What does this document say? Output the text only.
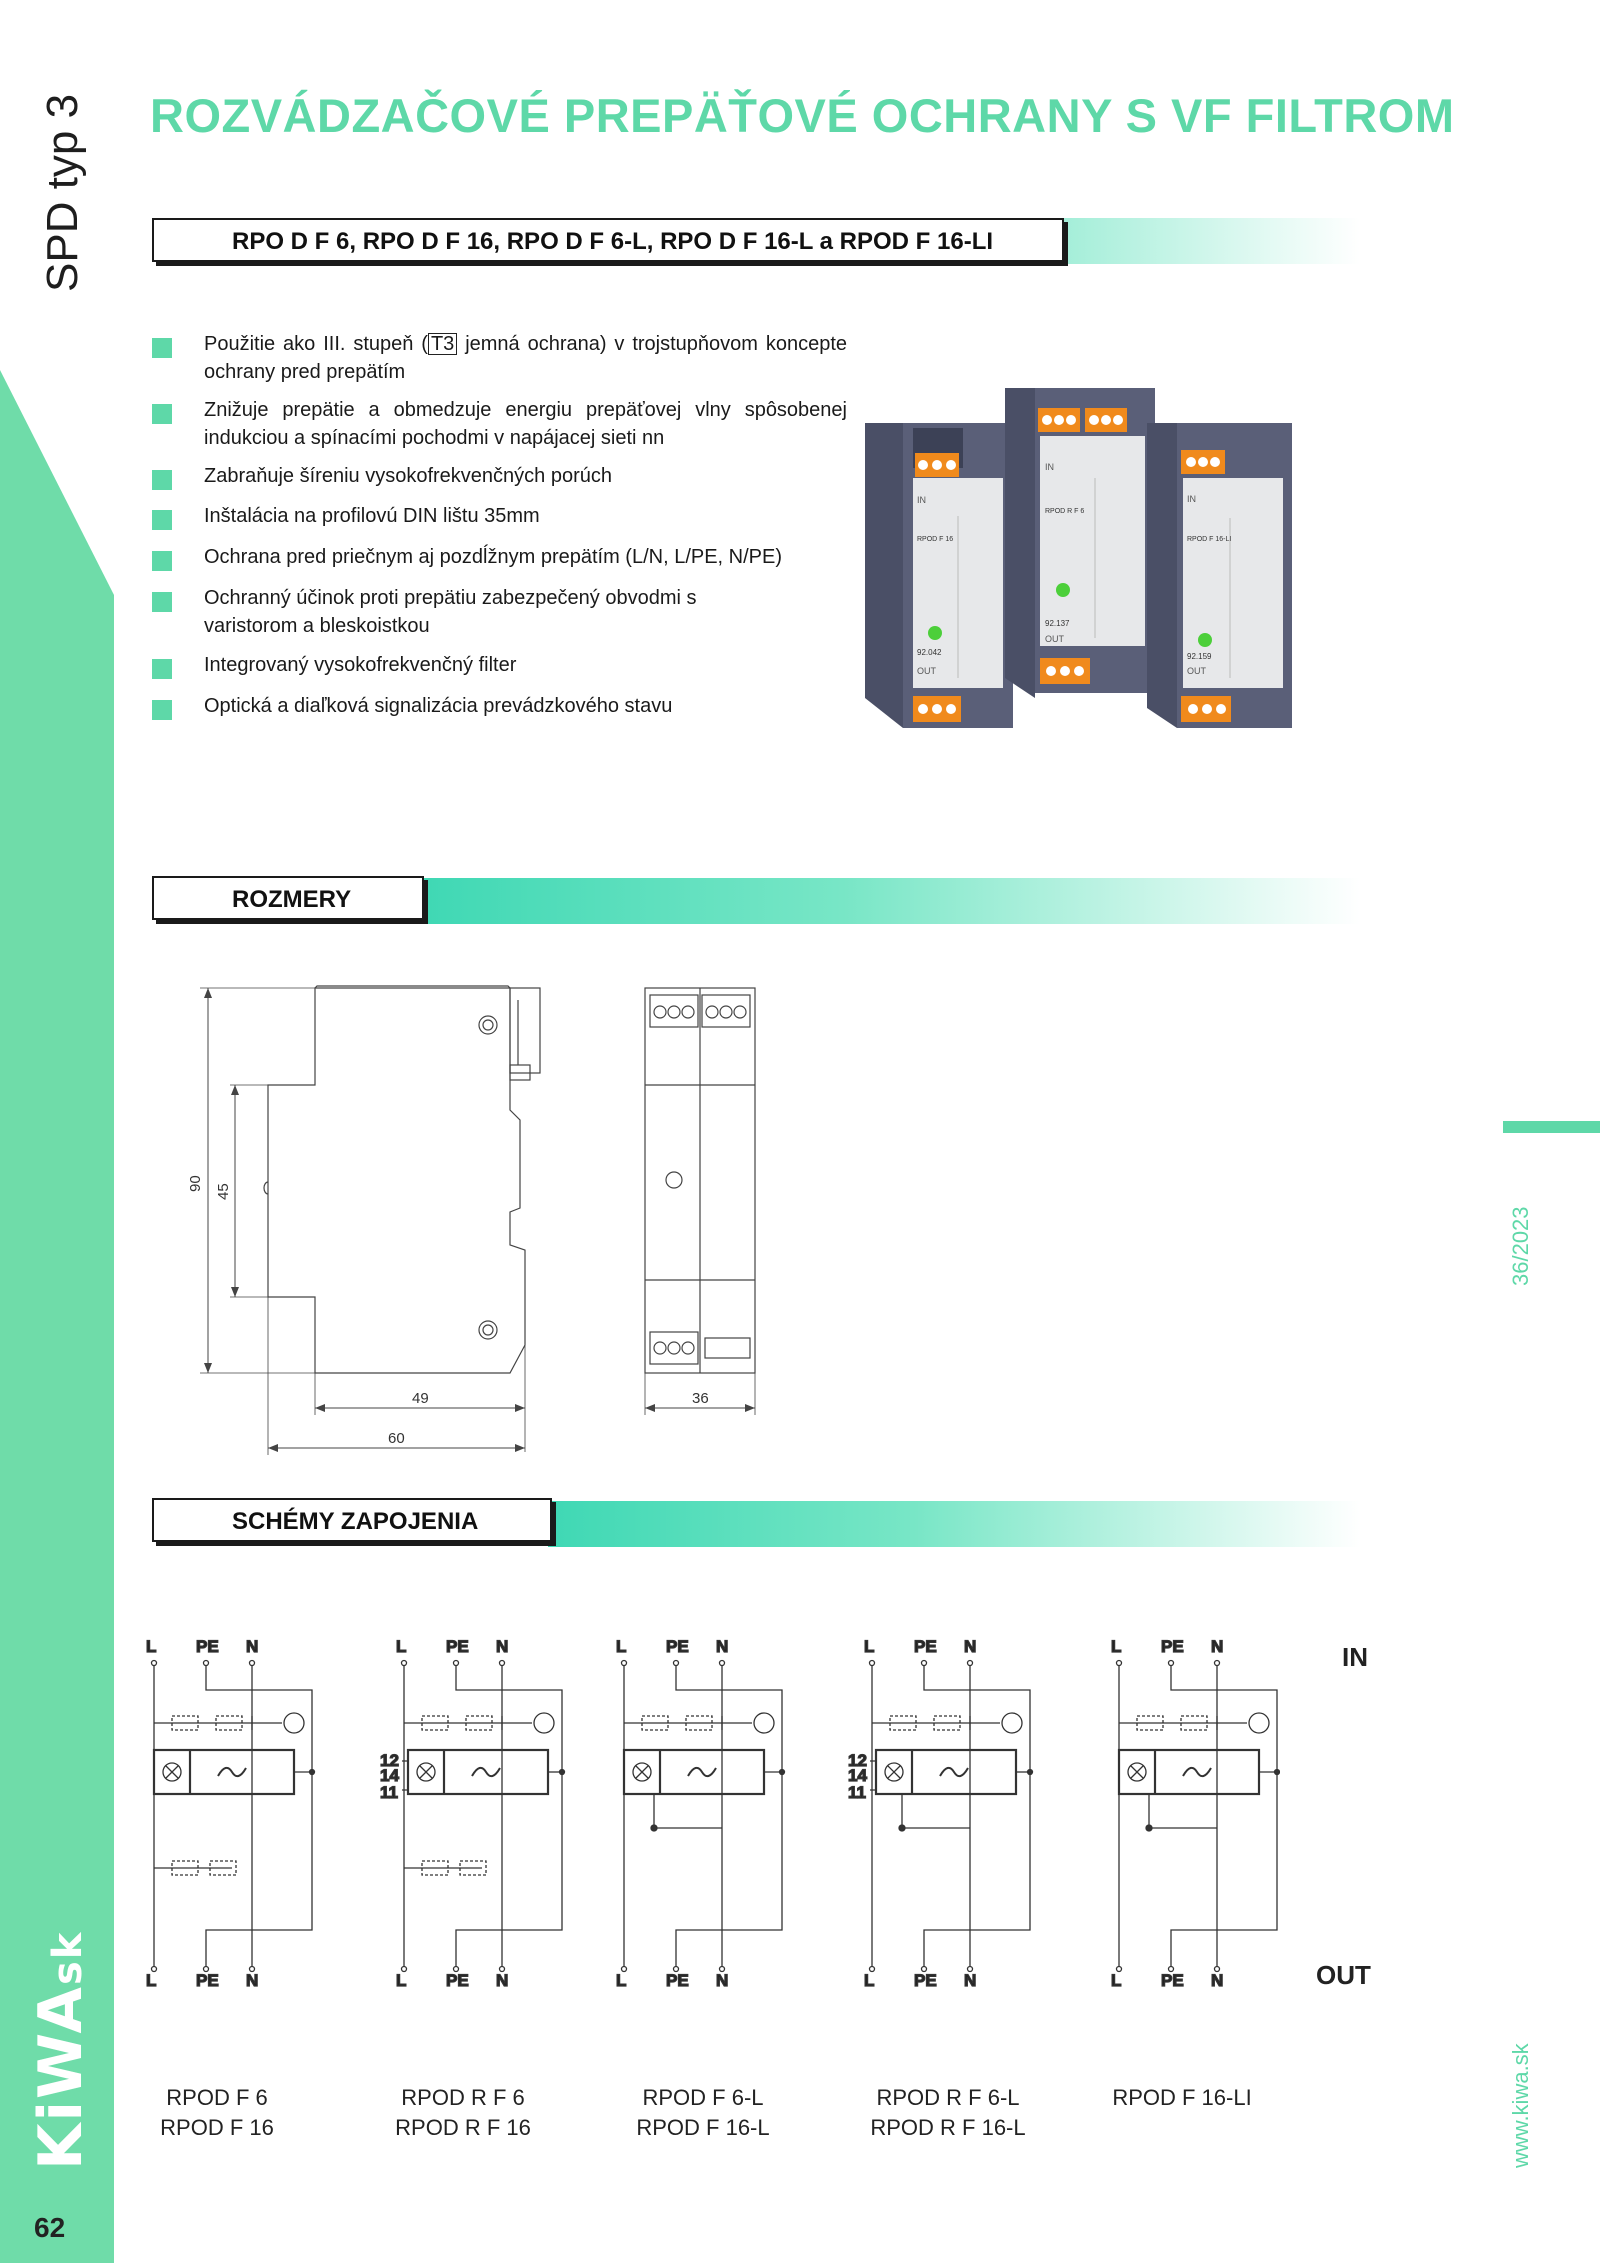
SPD typ 3
KiWAsk
62
ROZVÁDZAČOVÉ PREPÄŤOVÉ OCHRANY S VF FILTROM
RPO D F 6, RPO D F 16, RPO D F 6-L, RPO D F 16-L a RPOD F 16-LI
Použitie ako III. stupeň ( T3 jemná ochrana) v trojstupňovom koncepte ochrany pred prepätím
Znižuje prepätie a obmedzuje energiu prepäťovej vlny spôsobenej indukciou a spínacími pochodmi v napájacej sieti nn
Zabraňuje šíreniu vysokofrekvenčných porúch
Inštalácia na profilovú DIN lištu 35mm
Ochrana pred priečnym aj pozdĺžnym prepätím (L/N, L/PE, N/PE)
Ochranný účinok proti prepätiu zabezpečený obvodmi s varistorom a bleskoistkou
Integrovaný vysokofrekvenčný filter
Optická a diaľková signalizácia prevádzkového stavu
IN
RPOD F 16
92.042
OUT
IN
RPOD R F 6
92.137
OUT
IN
RPOD F 16-LI
92.159
OUT
ROZMERY
90 45
49
60
36
SCHÉMY ZAPOJENIA
L PE N
L PE N
L PE N
L PE N
12
14
11
L PE N
L PE N
L PE N
L PE N
12
14
11
L PE N
L PE N
IN
OUT
RPOD F 6
RPOD F 16
RPOD R F 6
RPOD R F 16
RPOD F 6-L
RPOD F 16-L
RPOD R F 6-L
RPOD R F 16-L
RPOD F 16-LI
36/2023
www.kiwa.sk
